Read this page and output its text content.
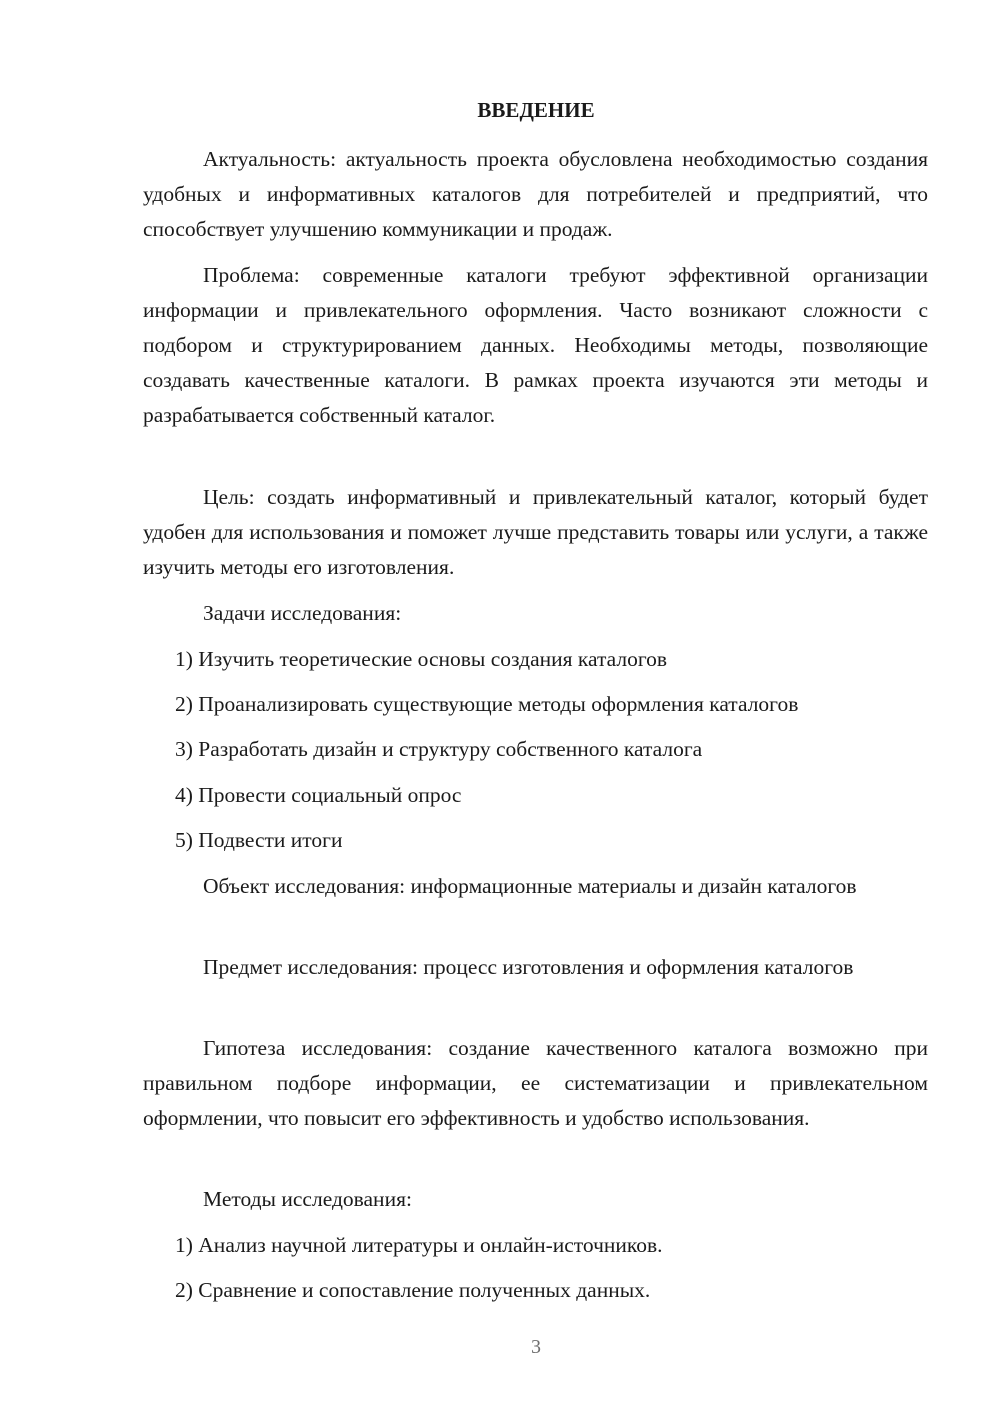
ВВЕДЕНИЕ

Актуальность: актуальность проекта обусловлена необходимостью создания удобных и информативных каталогов для потребителей и предприятий, что способствует улучшению коммуникации и продаж.

Проблема: современные каталоги требуют эффективной организации информации и привлекательного оформления. Часто возникают сложности с подбором и структурированием данных. Необходимы методы, позволяющие создавать качественные каталоги. В рамках проекта изучаются эти методы и разрабатывается собственный каталог.

Цель: создать информативный и привлекательный каталог, который будет удобен для использования и поможет лучше представить товары или услуги, а также изучить методы его изготовления.

Задачи исследования:

1) Изучить теоретические основы создания каталогов
2) Проанализировать существующие методы оформления каталогов
3) Разработать дизайн и структуру собственного каталога
4) Провести социальный опрос
5) Подвести итоги

Объект исследования: информационные материалы и дизайн каталогов

Предмет исследования: процесс изготовления и оформления каталогов

Гипотеза исследования: создание качественного каталога возможно при правильном подборе информации, ее систематизации и привлекательном оформлении, что повысит его эффективность и удобство использования.

Методы исследования:

1) Анализ научной литературы и онлайн-источников.
2) Сравнение и сопоставление полученных данных.
3
